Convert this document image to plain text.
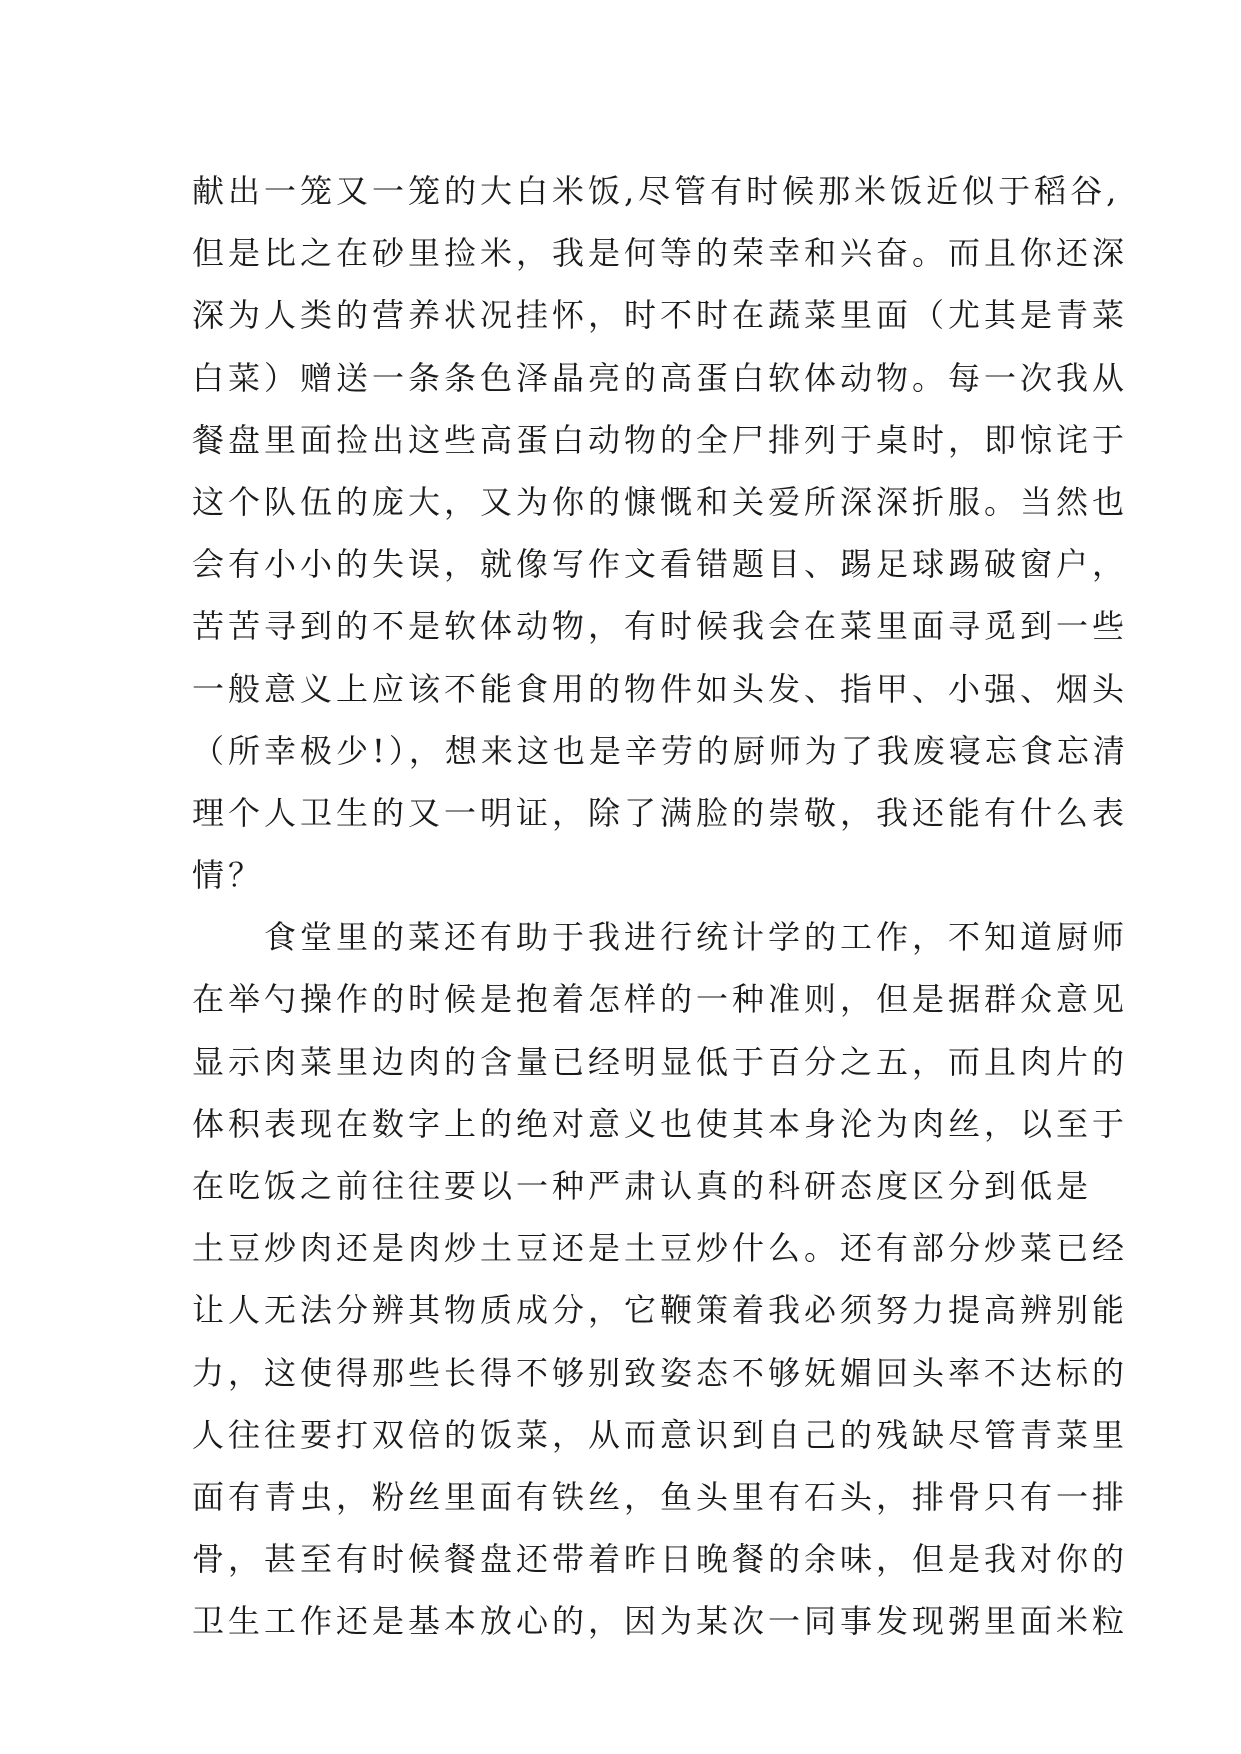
献出一笼又一笼的大白米饭,尽管有时候那米饭近似于稻谷,
但是比之在砂里捡米，我是何等的荣幸和兴奋。而且你还深
深为人类的营养状况挂怀，时不时在蔬菜里面（尤其是青菜
白菜）赠送一条条色泽晶亮的高蛋白软体动物。每一次我从
餐盘里面捡出这些高蛋白动物的全尸排列于桌时，即惊诧于
这个队伍的庞大，又为你的慷慨和关爱所深深折服。当然也
会有小小的失误，就像写作文看错题目、踢足球踢破窗户，
苦苦寻到的不是软体动物，有时候我会在菜里面寻觅到一些
一般意义上应该不能食用的物件如头发、指甲、小强、烟头
（所幸极少!），想来这也是辛劳的厨师为了我废寝忘食忘清
理个人卫生的又一明证，除了满脸的崇敬，我还能有什么表
情？
食堂里的菜还有助于我进行统计学的工作，不知道厨师
在举勺操作的时候是抱着怎样的一种准则，但是据群众意见
显示肉菜里边肉的含量已经明显低于百分之五，而且肉片的
体积表现在数字上的绝对意义也使其本身沦为肉丝，以至于
在吃饭之前往往要以一种严肃认真的科研态度区分到低是
土豆炒肉还是肉炒土豆还是土豆炒什么。还有部分炒菜已经
让人无法分辨其物质成分，它鞭策着我必须努力提高辨别能
力，这使得那些长得不够别致姿态不够妩媚回头率不达标的
人往往要打双倍的饭菜，从而意识到自己的残缺尽管青菜里
面有青虫，粉丝里面有铁丝，鱼头里有石头，排骨只有一排
骨，甚至有时候餐盘还带着昨日晚餐的余味，但是我对你的
卫生工作还是基本放心的，因为某次一同事发现粥里面米粒
